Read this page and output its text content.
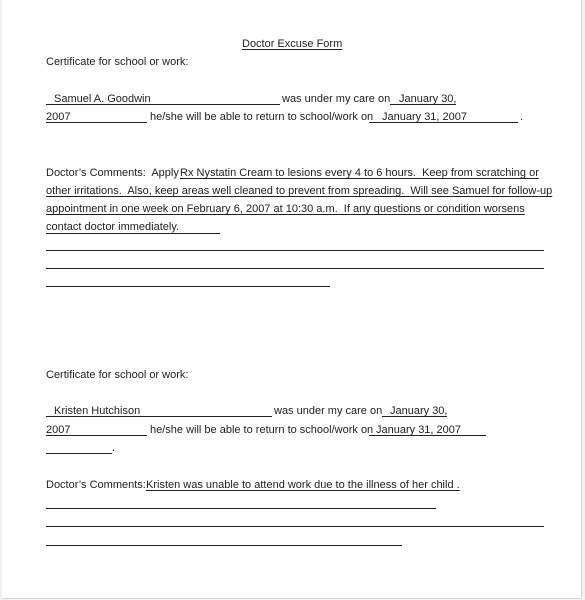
Doctor Excuse Form
Certificate for school or work:
Samuel A. Goodwin	was under my care on January 30,
2007	he/she will be able to return to school/work on January 31, 2007	.
Doctor’s Comments:  Apply Rx Nystatin Cream to lesions every 4 to 6 hours.  Keep from scratching or
other irritations.  Also, keep areas well cleaned to prevent from spreading.  Will see Samuel for follow-up
appointment in one week on February 6, 2007 at 10:30 a.m.  If any questions or condition worsens
contact doctor immediately.
Certificate for school or work:
Kristen Hutchison	was under my care on January 30,
2007	he/she will be able to return to school/work on January 31, 2007
.
Doctor’s Comments: Kristen was unable to attend work due to the illness of her child .
